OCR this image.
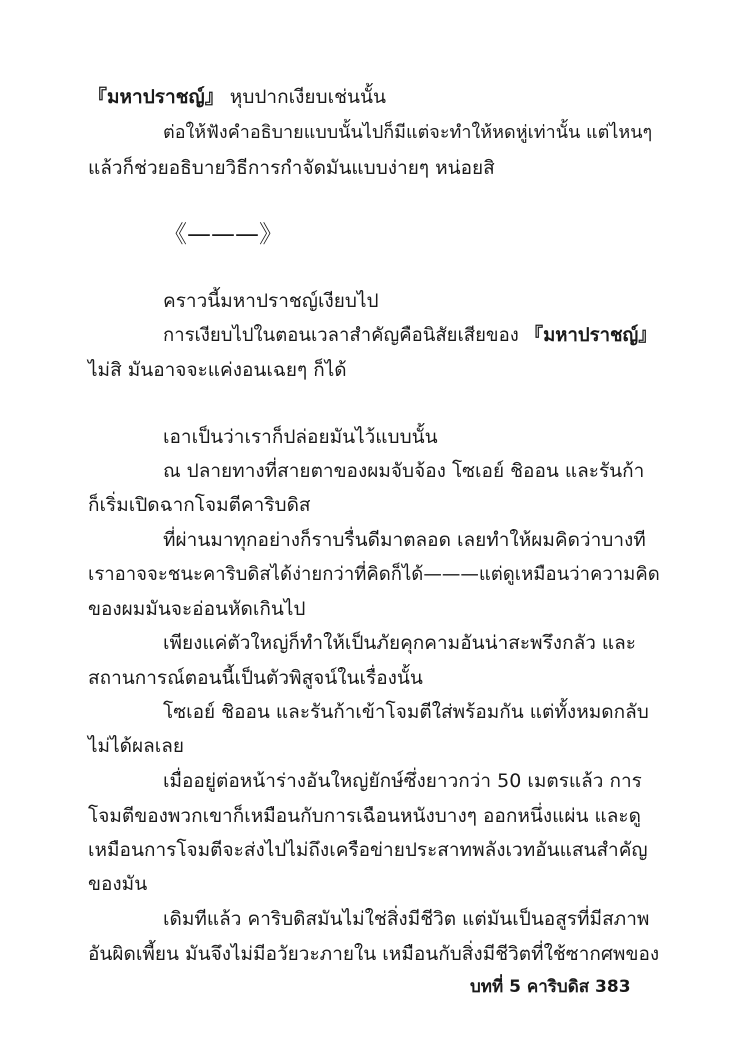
『มหาปราชญ์』 หุบปากเงียบเช่นนั้น
ต่อให้ฟังคำอธิบายแบบนั้นไปก็มีแต่จะทำให้หดหู่เท่านั้น แต่ไหนๆ
แล้วก็ช่วยอธิบายวิธีการกำจัดมันแบบง่ายๆ หน่อยสิ
《———》
คราวนี้มหาปราชญ์เงียบไป
การเงียบไปในตอนเวลาสำคัญคือนิสัยเสียของ 『มหาปราชญ์』
ไม่สิ มันอาจจะแค่งอนเฉยๆ ก็ได้
เอาเป็นว่าเราก็ปล่อยมันไว้แบบนั้น
ณ ปลายทางที่สายตาของผมจับจ้อง โซเอย์ ชิออน และรันก้า
ก็เริ่มเปิดฉากโจมตีคาริบดิส
ที่ผ่านมาทุกอย่างก็ราบรื่นดีมาตลอด เลยทำให้ผมคิดว่าบางที
เราอาจจะชนะคาริบดิสได้ง่ายกว่าที่คิดก็ได้———แต่ดูเหมือนว่าความคิด
ของผมมันจะอ่อนหัดเกินไป
เพียงแค่ตัวใหญ่ก็ทำให้เป็นภัยคุกคามอันน่าสะพรึงกลัว และ
สถานการณ์ตอนนี้เป็นตัวพิสูจน์ในเรื่องนั้น
โซเอย์ ชิออน และรันก้าเข้าโจมตีใส่พร้อมกัน แต่ทั้งหมดกลับ
ไม่ได้ผลเลย
เมื่ออยู่ต่อหน้าร่างอันใหญ่ยักษ์ซึ่งยาวกว่า 50 เมตรแล้ว การ
โจมตีของพวกเขาก็เหมือนกับการเฉือนหนังบางๆ ออกหนึ่งแผ่น และดู
เหมือนการโจมตีจะส่งไปไม่ถึงเครือข่ายประสาทพลังเวทอันแสนสำคัญ
ของมัน
เดิมทีแล้ว คาริบดิสมันไม่ใช่สิ่งมีชีวิต แต่มันเป็นอสูรที่มีสภาพ
อันผิดเพี้ยน มันจึงไม่มีอวัยวะภายใน เหมือนกับสิ่งมีชีวิตที่ใช้ซากศพของ
บทที่ 5 คาริบดิส 383
